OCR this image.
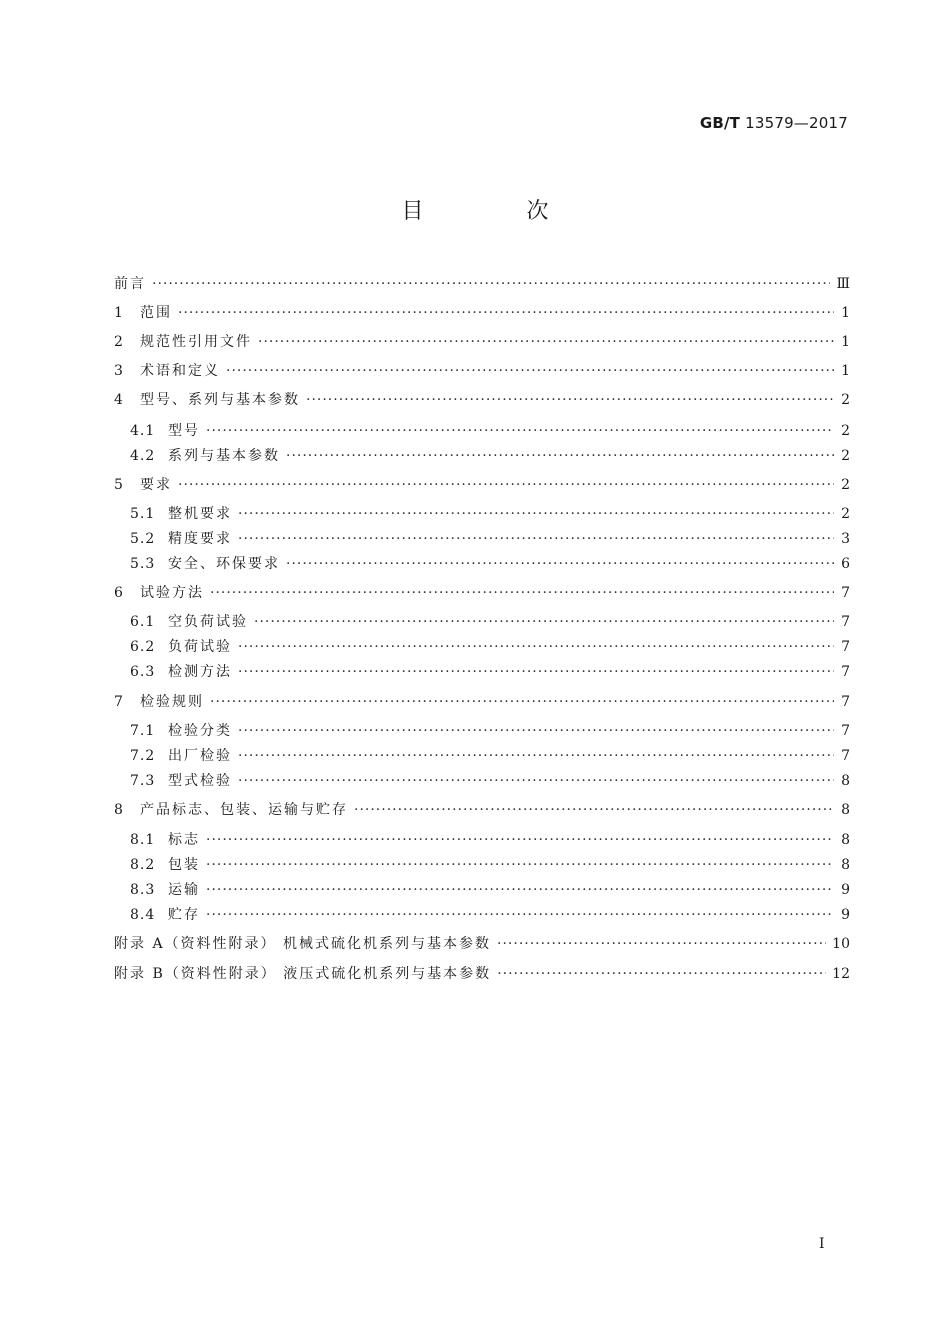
GB/T 13579—2017
目 次
前言 ·····	Ⅲ
1	范围 ·····	1
2	规范性引用文件 ·····	1
3	术语和定义 ·····	1
4	型号、系列与基本参数 ·····	2
4.1 型号 ·····	2
4.2 系列与基本参数 ·····	2
5	要求 ·····	2
5.1 整机要求 ·····	2
5.2 精度要求 ·····	3
5.3 安全、环保要求 ·····	6
6	试验方法 ·····	7
6.1 空负荷试验 ·····	7
6.2 负荷试验 ·····	7
6.3 检测方法 ·····	7
7	检验规则 ·····	7
7.1 检验分类 ·····	7
7.2 出厂检验 ·····	7
7.3 型式检验 ·····	8
8	产品标志、包装、运输与贮存 ·····	8
8.1 标志 ·····	8
8.2 包装 ·····	8
8.3 运输 ·····	9
8.4 贮存 ·····	9
附录 A（资料性附录） 机械式硫化机系列与基本参数 ·····	10
附录 B（资料性附录） 液压式硫化机系列与基本参数 ·····	12
I
